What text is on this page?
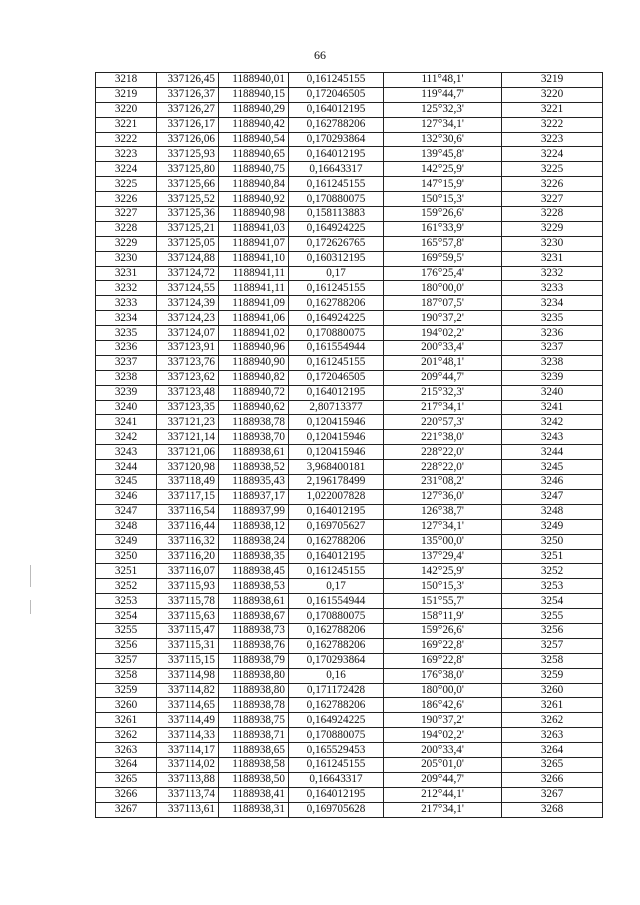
66
3218	337126,45	1188940,01	0,161245155	111°48,1'	3219
3219	337126,37	1188940,15	0,172046505	119°44,7'	3220
3220	337126,27	1188940,29	0,164012195	125°32,3'	3221
3221	337126,17	1188940,42	0,162788206	127°34,1'	3222
3222	337126,06	1188940,54	0,170293864	132°30,6'	3223
3223	337125,93	1188940,65	0,164012195	139°45,8'	3224
3224	337125,80	1188940,75	0,16643317	142°25,9'	3225
3225	337125,66	1188940,84	0,161245155	147°15,9'	3226
3226	337125,52	1188940,92	0,170880075	150°15,3'	3227
3227	337125,36	1188940,98	0,158113883	159°26,6'	3228
3228	337125,21	1188941,03	0,164924225	161°33,9'	3229
3229	337125,05	1188941,07	0,172626765	165°57,8'	3230
3230	337124,88	1188941,10	0,160312195	169°59,5'	3231
3231	337124,72	1188941,11	0,17	176°25,4'	3232
3232	337124,55	1188941,11	0,161245155	180°00,0'	3233
3233	337124,39	1188941,09	0,162788206	187°07,5'	3234
3234	337124,23	1188941,06	0,164924225	190°37,2'	3235
3235	337124,07	1188941,02	0,170880075	194°02,2'	3236
3236	337123,91	1188940,96	0,161554944	200°33,4'	3237
3237	337123,76	1188940,90	0,161245155	201°48,1'	3238
3238	337123,62	1188940,82	0,172046505	209°44,7'	3239
3239	337123,48	1188940,72	0,164012195	215°32,3'	3240
3240	337123,35	1188940,62	2,80713377	217°34,1'	3241
3241	337121,23	1188938,78	0,120415946	220°57,3'	3242
3242	337121,14	1188938,70	0,120415946	221°38,0'	3243
3243	337121,06	1188938,61	0,120415946	228°22,0'	3244
3244	337120,98	1188938,52	3,968400181	228°22,0'	3245
3245	337118,49	1188935,43	2,196178499	231°08,2'	3246
3246	337117,15	1188937,17	1,022007828	127°36,0'	3247
3247	337116,54	1188937,99	0,164012195	126°38,7'	3248
3248	337116,44	1188938,12	0,169705627	127°34,1'	3249
3249	337116,32	1188938,24	0,162788206	135°00,0'	3250
3250	337116,20	1188938,35	0,164012195	137°29,4'	3251
3251	337116,07	1188938,45	0,161245155	142°25,9'	3252
3252	337115,93	1188938,53	0,17	150°15,3'	3253
3253	337115,78	1188938,61	0,161554944	151°55,7'	3254
3254	337115,63	1188938,67	0,170880075	158°11,9'	3255
3255	337115,47	1188938,73	0,162788206	159°26,6'	3256
3256	337115,31	1188938,76	0,162788206	169°22,8'	3257
3257	337115,15	1188938,79	0,170293864	169°22,8'	3258
3258	337114,98	1188938,80	0,16	176°38,0'	3259
3259	337114,82	1188938,80	0,171172428	180°00,0'	3260
3260	337114,65	1188938,78	0,162788206	186°42,6'	3261
3261	337114,49	1188938,75	0,164924225	190°37,2'	3262
3262	337114,33	1188938,71	0,170880075	194°02,2'	3263
3263	337114,17	1188938,65	0,165529453	200°33,4'	3264
3264	337114,02	1188938,58	0,161245155	205°01,0'	3265
3265	337113,88	1188938,50	0,16643317	209°44,7'	3266
3266	337113,74	1188938,41	0,164012195	212°44,1'	3267
3267	337113,61	1188938,31	0,169705628	217°34,1'	3268
